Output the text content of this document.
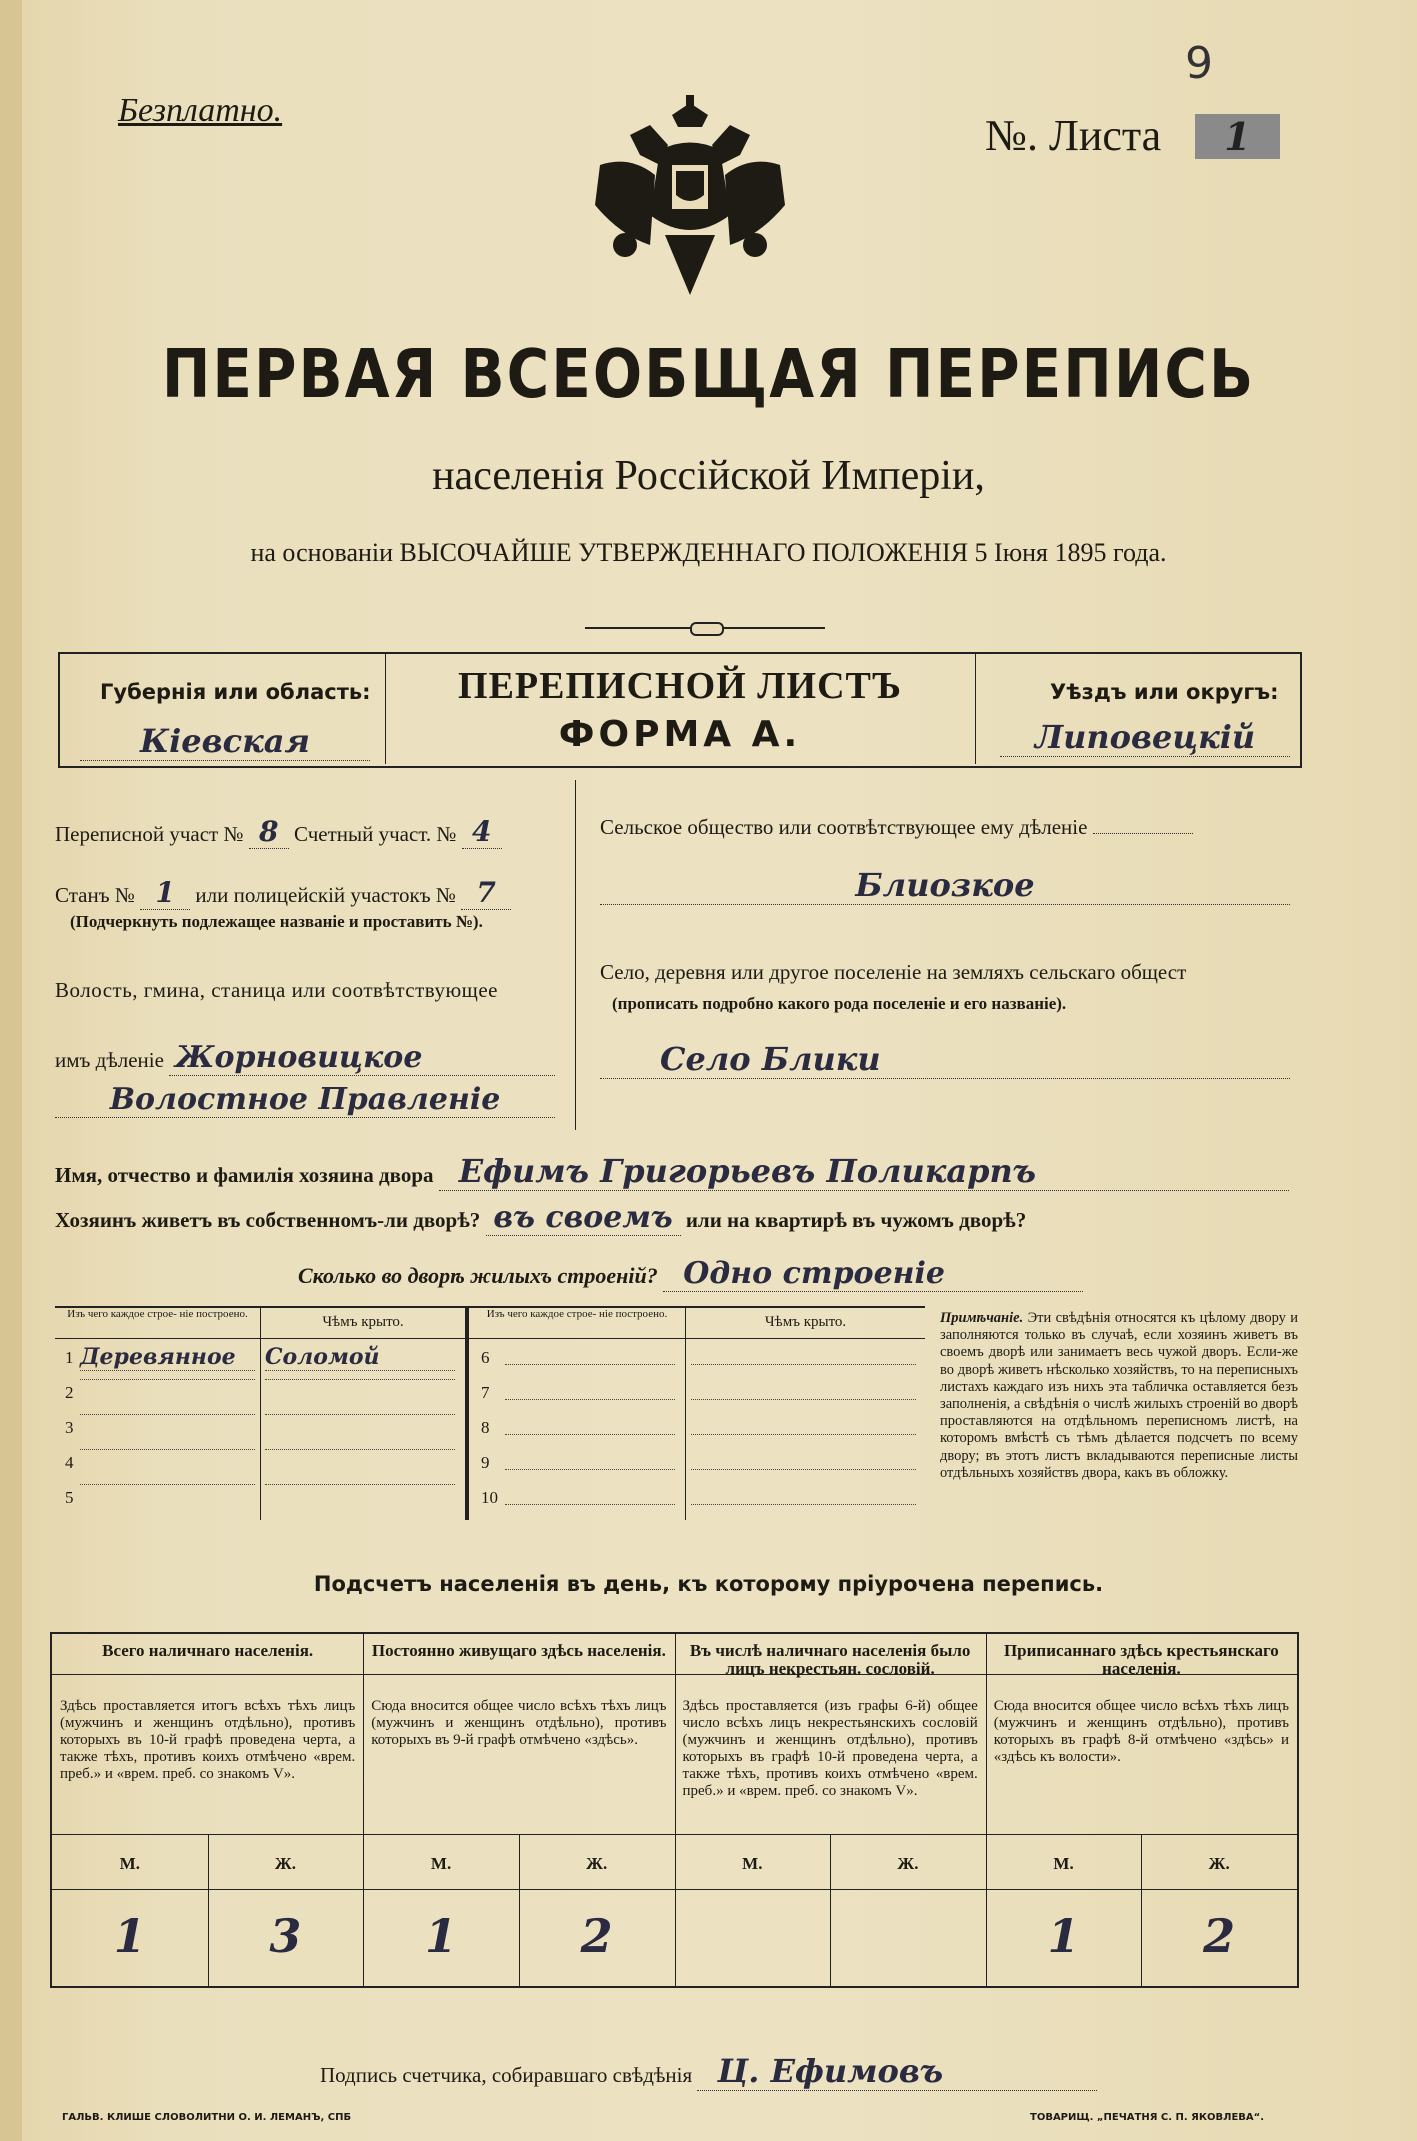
Безплатно.
9
№. Листа	1
ПЕРВАЯ ВСЕОБЩАЯ ПЕРЕПИСЬ
населенія Россійской Имперіи,
на основаніи ВЫСОЧАЙШЕ УТВЕРЖДЕННАГО ПОЛОЖЕНІЯ 5 Іюня 1895 года.
Губернія или область:
Кіевская
ПЕРЕПИСНОЙ ЛИСТЪ
ФОРМА А.
Уѣздъ или округъ:
Липовецкій
Переписной участ № 8 Счетный участ. № 4
Станъ № 1 или полицейскій участокъ № 7
(Подчеркнуть подлежащее названіе и проставить №).
Волость, гмина, станица или соотвѣтствующее
имъ дѣленіе Жорновицкое
Волостное Правленіе
Сельское общество или соотвѣтствующее ему дѣленіе
Блиозкое
Село, деревня или другое поселеніе на земляхъ сельскаго общест
(прописать подробно какого рода поселеніе и его названіе).
Село Блики
Имя, отчество и фамилія хозяина двора Ефимъ Григорьевъ Поликарпъ
Хозяинъ живетъ въ собственномъ-ли дворѣ? въ своемъ или на квартирѣ въ чужомъ дворѣ?
Сколько во дворѣ жилыхъ строеній? Одно строеніе
Изъ чего каждое строе- ніе построено.	Чѣмъ крыто.	Изъ чего каждое строе- ніе построено.	Чѣмъ крыто.
1 Деревянное	Соломой
2
3
4
5
6
7
8
9
10
Примѣчаніе. Эти свѣдѣнія относятся къ цѣлому двору и заполняются только въ случаѣ, если хозяинъ живетъ въ своемъ дворѣ или занимаетъ весь чужой дворъ. Если-же во дворѣ живетъ нѣсколько хозяйствъ, то на переписныхъ листахъ каждаго изъ нихъ эта табличка оставляется безъ заполненія, а свѣдѣнія о числѣ жилыхъ строеній во дворѣ проставляются на отдѣльномъ переписномъ листѣ, на которомъ вмѣстѣ съ тѣмъ дѣлается подсчетъ по всему двору; въ этотъ листъ вкладываются переписные листы отдѣльныхъ хозяйствъ двора, какъ въ обложку.
Подсчетъ населенія въ день, къ которому пріурочена перепись.
Всего наличнаго населенія.
Здѣсь проставляется итогъ всѣхъ тѣхъ лицъ (мужчинъ и женщинъ отдѣльно), противъ которыхъ въ 10-й графѣ проведена черта, а также тѣхъ, противъ коихъ отмѣчено «врем. преб.» и «врем. преб. со знакомъ V».
М.	Ж.
1	3
Постоянно живущаго здѣсь населенія.
Сюда вносится общее число всѣхъ тѣхъ лицъ (мужчинъ и женщинъ отдѣльно), противъ которыхъ въ 9-й графѣ отмѣчено «здѣсь».
М.	Ж.
1	2
Въ числѣ наличнаго населенія было лицъ некрестьян. сословій.
Здѣсь проставляется (изъ графы 6-й) общее число всѣхъ лицъ некрестьянскихъ сословій (мужчинъ и женщинъ отдѣльно), противъ которыхъ въ графѣ 10-й проведена черта, а также тѣхъ, противъ коихъ отмѣчено «врем. преб.» и «врем. преб. со знакомъ V».
М.	Ж.
Приписаннаго здѣсь крестьянскаго населенія.
Сюда вносится общее число всѣхъ тѣхъ лицъ (мужчинъ и женщинъ отдѣльно), противъ которыхъ въ графѣ 8-й отмѣчено «здѣсь» и «здѣсь къ волости».
М.	Ж.
1	2
Подпись счетчика, собиравшаго свѣдѣнія Ц. Ефимовъ
ГАЛЬВ. КЛИШЕ СЛОВОЛИТНИ О. И. ЛЕМАНЪ, СПБ	ТОВАРИЩ. „ПЕЧАТНЯ С. П. ЯКОВЛЕВА“.
